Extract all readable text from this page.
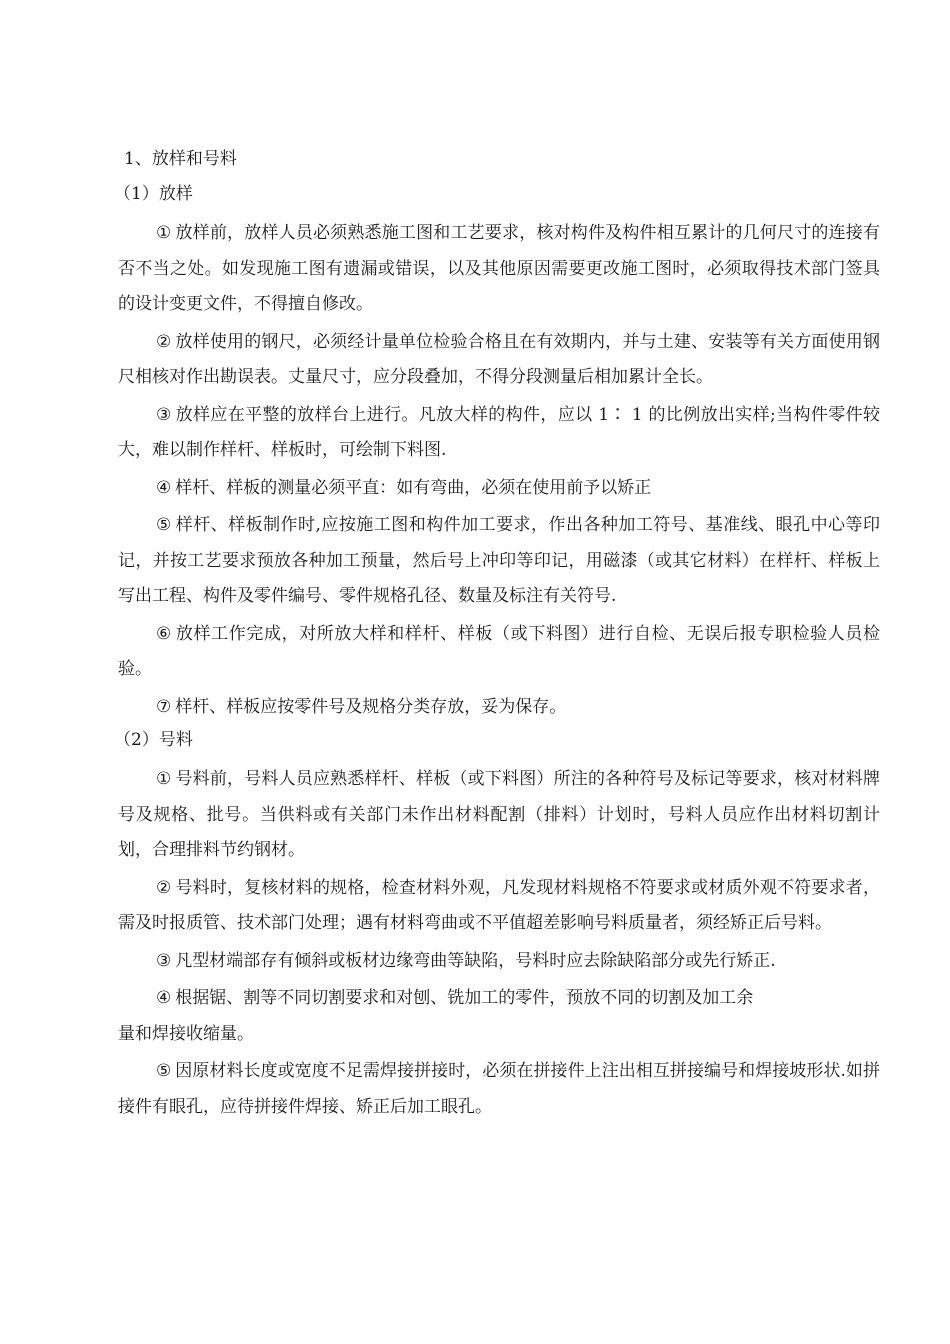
1、放样和号料
（1）放样

① 放样前，放样人员必须熟悉施工图和工艺要求，核对构件及构件相互累计的几何尺寸的连接有否不当之处。如发现施工图有遗漏或错误，以及其他原因需要更改施工图时，必须取得技术部门签具的设计变更文件，不得擅自修改。

② 放样使用的钢尺，必须经计量单位检验合格且在有效期内，并与土建、安装等有关方面使用钢尺相核对作出勘误表。丈量尺寸，应分段叠加，不得分段测量后相加累计全长。

③ 放样应在平整的放样台上进行。凡放大样的构件，应以 1∶ 1 的比例放出实样;当构件零件较大，难以制作样杆、样板时，可绘制下料图.

④ 样杆、样板的测量必须平直：如有弯曲，必须在使用前予以矫正

⑤ 样杆、样板制作时,应按施工图和构件加工要求，作出各种加工符号、基准线、眼孔中心等印记，并按工艺要求预放各种加工预量，然后号上冲印等印记，用磁漆（或其它材料）在样杆、样板上写出工程、构件及零件编号、零件规格孔径、数量及标注有关符号.

⑥ 放样工作完成，对所放大样和样杆、样板（或下料图）进行自检、无误后报专职检验人员检验。

⑦ 样杆、样板应按零件号及规格分类存放，妥为保存。

（2）号料

① 号料前，号料人员应熟悉样杆、样板（或下料图）所注的各种符号及标记等要求，核对材料牌号及规格、批号。当供料或有关部门未作出材料配割（排料）计划时，号料人员应作出材料切割计划，合理排料节约钢材。

② 号料时，复核材料的规格，检查材料外观，凡发现材料规格不符要求或材质外观不符要求者，需及时报质管、技术部门处理；遇有材料弯曲或不平值超差影响号料质量者，须经矫正后号料。

③ 凡型材端部存有倾斜或板材边缘弯曲等缺陷，号料时应去除缺陷部分或先行矫正.

④ 根据锯、割等不同切割要求和对刨、铣加工的零件，预放不同的切割及加工余

量和焊接收缩量。

⑤ 因原材料长度或宽度不足需焊接拼接时，必须在拼接件上注出相互拼接编号和焊接坡形状.如拼接件有眼孔，应待拼接件焊接、矫正后加工眼孔。
